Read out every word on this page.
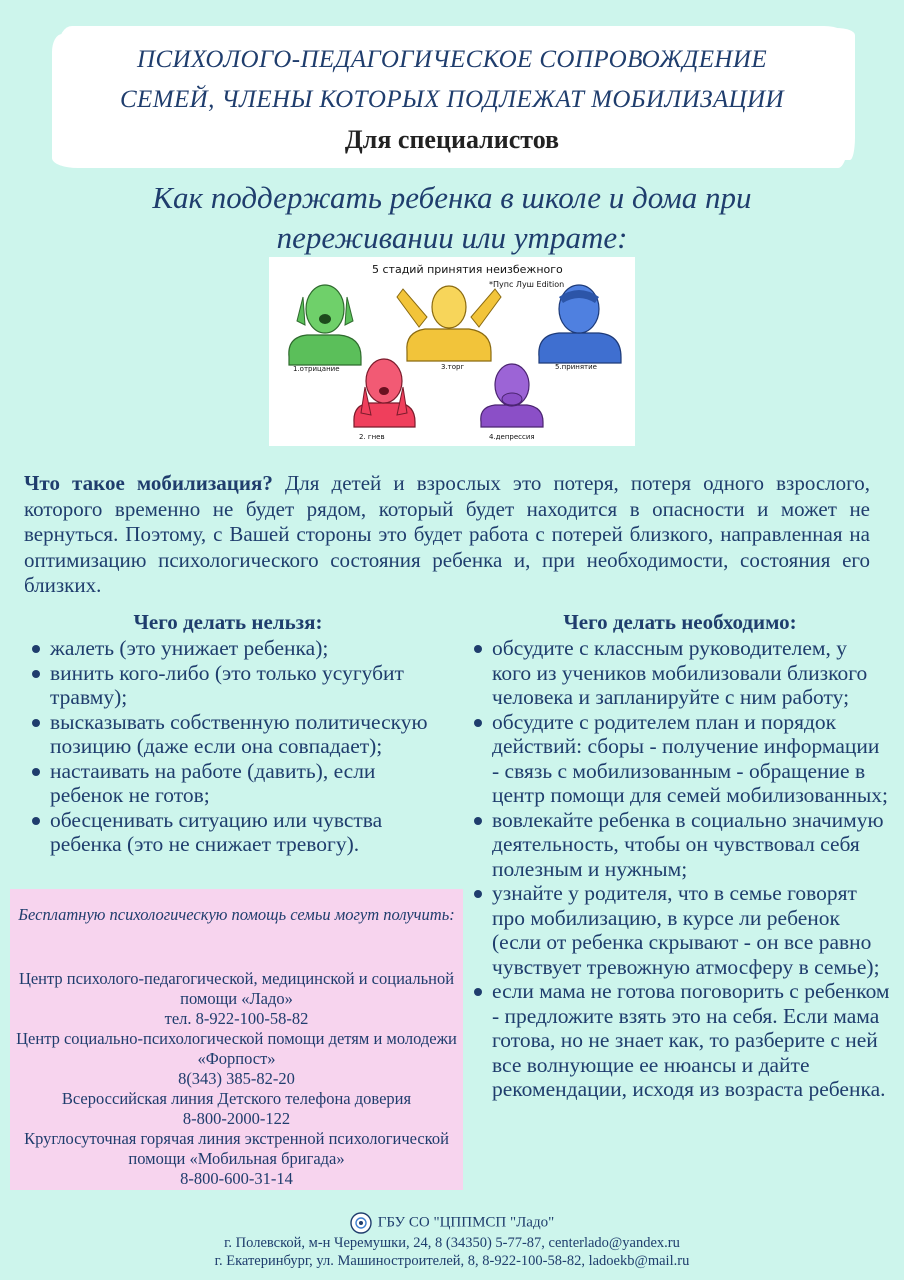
ПСИХОЛОГО-ПЕДАГОГИЧЕСКОЕ СОПРОВОЖДЕНИЕ
СЕМЕЙ, ЧЛЕНЫ КОТОРЫХ ПОДЛЕЖАТ МОБИЛИЗАЦИИ
Для специалистов
Как поддержать ребенка в школе и дома при
переживании или утрате:
5 стадий принятия неизбежного
*Пупс Луш Edition
1.отрицание
2. гнев
3.торг
4.депрессия
5.принятие
Что такое мобилизация? Для детей и взрослых это потеря, потеря одного взрослого, которого временно не будет рядом, который будет находится в опасности и может не вернуться. Поэтому, с Вашей стороны это будет работа с потерей близкого, направленная на оптимизацию психологического состояния ребенка и, при необходимости, состояния его близких.
Чего делать нельзя:
жалеть (это унижает ребенка);
винить кого-либо (это только усугубит травму);
высказывать собственную политическую позицию (даже если она совпадает);
настаивать на работе (давить), если ребенок не готов;
обесценивать ситуацию или чувства ребенка (это не снижает тревогу).
Чего делать необходимо:
обсудите с классным руководителем, у кого из учеников мобилизовали близкого человека и запланируйте с ним работу;
обсудите с родителем план и порядок действий: сборы - получение информации - связь с мобилизованным - обращение в центр помощи для семей мобилизованных;
вовлекайте ребенка в социально значимую деятельность, чтобы он чувствовал себя полезным и нужным;
узнайте у родителя, что в семье говорят про мобилизацию, в курсе ли ребенок (если от ребенка скрывают - он все равно чувствует тревожную атмосферу в семье);
если мама не готова поговорить с ребенком - предложите взять это на себя. Если мама готова, но не знает как, то разберите с ней все волнующие ее нюансы и дайте рекомендации, исходя из возраста ребенка.
Бесплатную психологическую помощь семьи могут получить:
Центр психолого-педагогической, медицинской и социальной помощи «Ладо»
тел. 8-922-100-58-82
Центр социально-психологической помощи детям и молодежи «Форпост»
8(343) 385-82-20
Всероссийская линия Детского телефона доверия
8-800-2000-122
Круглосуточная горячая линия экстренной психологической помощи «Мобильная бригада»
8-800-600-31-14
ГБУ СО "ЦППМСП "Ладо"
г. Полевской, м-н Черемушки, 24, 8 (34350) 5-77-87, centerlado@yandex.ru
г. Екатеринбург, ул. Машиностроителей, 8, 8-922-100-58-82, ladoekb@mail.ru
